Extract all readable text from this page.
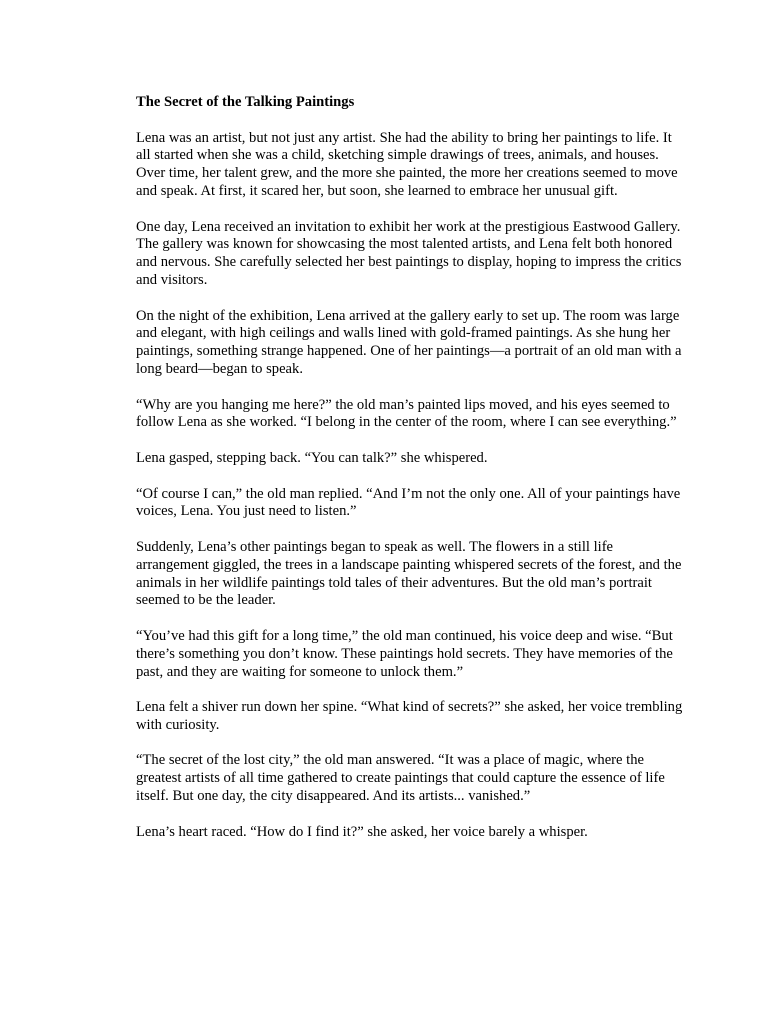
The Secret of the Talking Paintings

Lena was an artist, but not just any artist. She had the ability to bring her paintings to life. It all started when she was a child, sketching simple drawings of trees, animals, and houses. Over time, her talent grew, and the more she painted, the more her creations seemed to move and speak. At first, it scared her, but soon, she learned to embrace her unusual gift.

One day, Lena received an invitation to exhibit her work at the prestigious Eastwood Gallery. The gallery was known for showcasing the most talented artists, and Lena felt both honored and nervous. She carefully selected her best paintings to display, hoping to impress the critics and visitors.

On the night of the exhibition, Lena arrived at the gallery early to set up. The room was large and elegant, with high ceilings and walls lined with gold-framed paintings. As she hung her paintings, something strange happened. One of her paintings—a portrait of an old man with a long beard—began to speak.

“Why are you hanging me here?” the old man’s painted lips moved, and his eyes seemed to follow Lena as she worked. “I belong in the center of the room, where I can see everything.”

Lena gasped, stepping back. “You can talk?” she whispered.

“Of course I can,” the old man replied. “And I’m not the only one. All of your paintings have voices, Lena. You just need to listen.”

Suddenly, Lena’s other paintings began to speak as well. The flowers in a still life arrangement giggled, the trees in a landscape painting whispered secrets of the forest, and the animals in her wildlife paintings told tales of their adventures. But the old man’s portrait seemed to be the leader.

“You’ve had this gift for a long time,” the old man continued, his voice deep and wise. “But there’s something you don’t know. These paintings hold secrets. They have memories of the past, and they are waiting for someone to unlock them.”

Lena felt a shiver run down her spine. “What kind of secrets?” she asked, her voice trembling with curiosity.

“The secret of the lost city,” the old man answered. “It was a place of magic, where the greatest artists of all time gathered to create paintings that could capture the essence of life itself. But one day, the city disappeared. And its artists... vanished.”

Lena’s heart raced. “How do I find it?” she asked, her voice barely a whisper.
